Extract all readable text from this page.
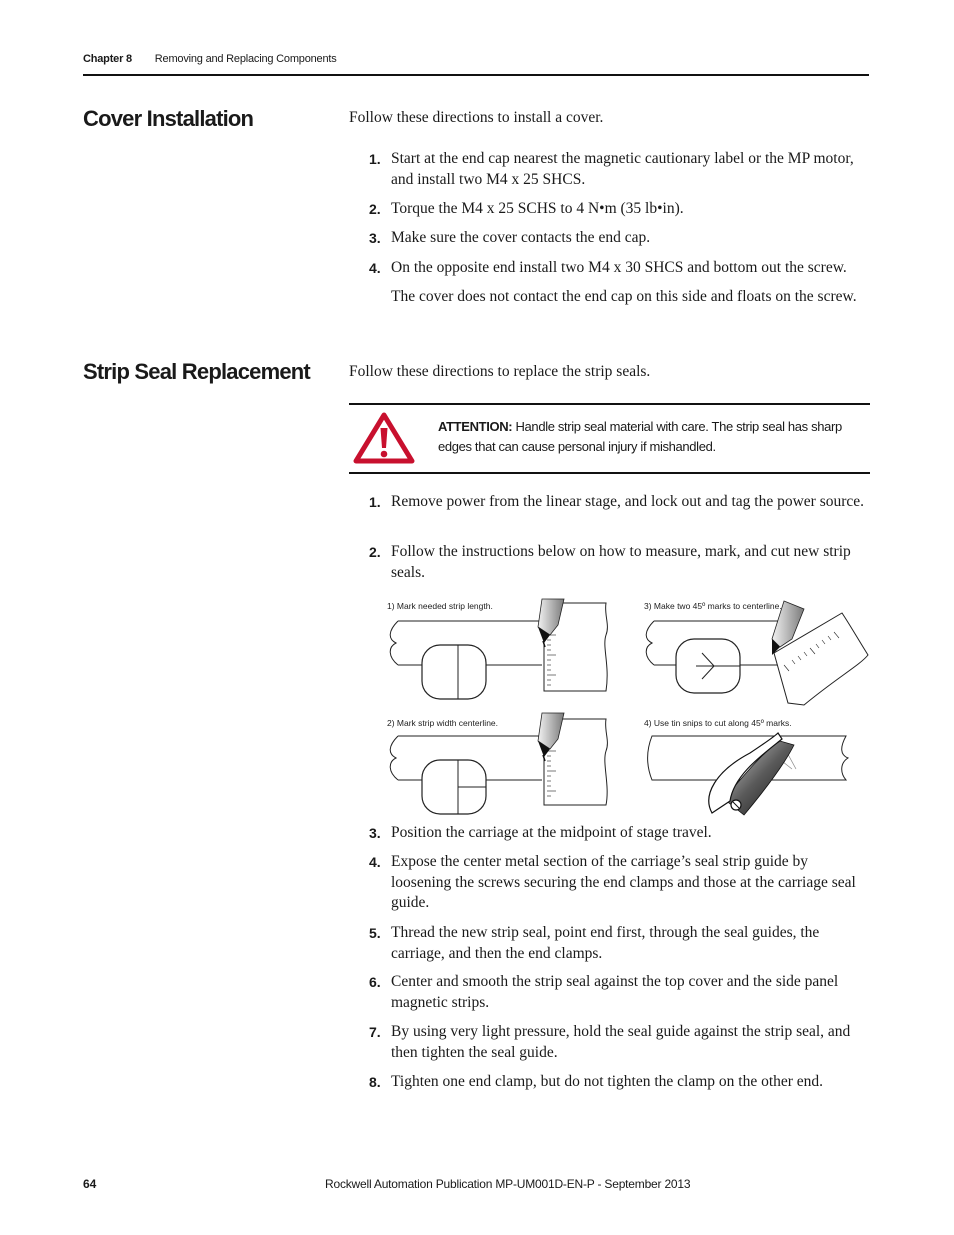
Chapter 8 Removing and Replacing Components
Cover Installation	Follow these directions to install a cover.
1. Start at the end cap nearest the magnetic cautionary label or the MP motor, and install two M4 x 25 SHCS.
2. Torque the M4 x 25 SCHS to 4 N•m (35 lb•in).
3. Make sure the cover contacts the end cap.
4. On the opposite end install two M4 x 30 SHCS and bottom out the screw.
The cover does not contact the end cap on this side and floats on the screw.
Strip Seal Replacement	Follow these directions to replace the strip seals.
ATTENTION: Handle strip seal material with care. The strip seal has sharp edges that can cause personal injury if mishandled.
1. Remove power from the linear stage, and lock out and tag the power source.
2. Follow the instructions below on how to measure, mark, and cut new strip seals.
1) Mark needed strip length.
2) Mark strip width centerline.
3) Make two 45º marks to centerline.
4) Use tin snips to cut along 45º marks.
3. Position the carriage at the midpoint of stage travel.
4. Expose the center metal section of the carriage’s seal strip guide by loosening the screws securing the end clamps and those at the carriage seal guide.
5. Thread the new strip seal, point end first, through the seal guides, the carriage, and then the end clamps.
6. Center and smooth the strip seal against the top cover and the side panel magnetic strips.
7. By using very light pressure, hold the seal guide against the strip seal, and then tighten the seal guide.
8. Tighten one end clamp, but do not tighten the clamp on the other end.
64	Rockwell Automation Publication MP-UM001D-EN-P - September 2013
